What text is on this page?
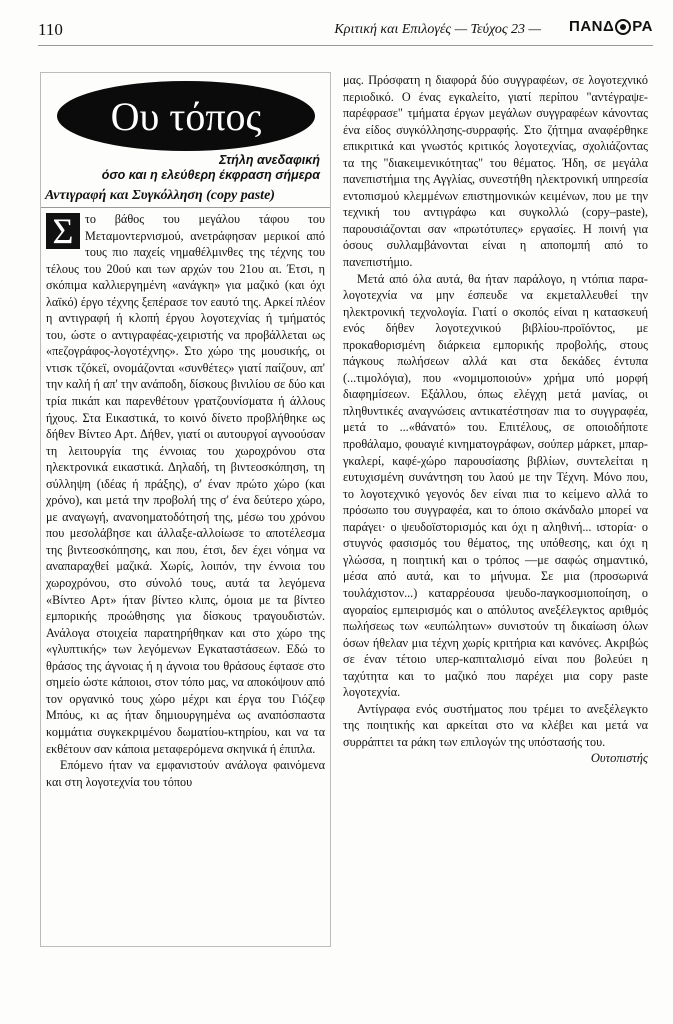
110	Κριτική και Επιλογές — Τεύχος 23 — ΠΑΝΔ ΡΑ
Ου τόπος
Στήλη ανεδαφική
όσο και η ελεύθερη έκφραση σήμερα
Αντιγραφή και Συγκόλληση (copy paste)

Σ το βάθος του μεγάλου τάφου του Μεταμοντερνισμού, ανετράφησαν μερικοί από τους πιο παχείς νημαθέλμινθες της τέχνης του τέλους του 20ού και των αρχών του 21ου αι. Έτσι, η σκόπιμα καλλιεργημένη «ανάγκη» για μαζικό (και όχι λαϊκό) έργο τέχνης ξεπέρασε τον εαυτό της. Αρκεί πλέον η αντιγραφή ή κλοπή έργου λογοτεχνίας ή τμήματός του, ώστε ο αντιγραφέας-χειριστής να προβάλλεται ως «πεζογράφος-λογοτέχνης». Στο χώρο της μουσικής, οι ντισκ τζόκεϊ, ονομάζονται «συνθέτες» γιατί παίζουν, απ' την καλή ή απ' την ανάποδη, δίσκους βινιλίου σε δύο και τρία πικάπ και παρενθέτουν γρατζουνίσματα ή άλλους ήχους. Στα Εικαστικά, το κοινό δίνετο προβλήθηκε ως δήθεν Βίντεο Αρτ. Δήθεν, γιατί οι αυτουργοί αγνοούσαν τη λειτουργία της έννοιας του χωροχρόνου στα ηλεκτρονικά εικαστικά. Δηλαδή, τη βιντεοσκόπηση, τη σύλληψη (ιδέας ή πράξης), σ' έναν πρώτο χώρο (και χρόνο), και μετά την προβολή της σ' ένα δεύτερο χώρο, με αναγωγή, ανανοηματοδότησή της, μέσω του χρόνου που μεσολάβησε και άλλαξε-αλλοίωσε το αποτέλεσμα της βιντεοσκόπησης, και που, έτσι, δεν έχει νόημα να αναπαραχθεί μαζικά. Χωρίς, λοιπόν, την έννοια του χωροχρόνου, στο σύνολό τους, αυτά τα λεγόμενα «Βίντεο Αρτ» ήταν βίντεο κλιπς, όμοια με τα βίντεο εμπορικής προώθησης για δίσκους τραγουδιστών. Ανάλογα στοιχεία παρατηρήθηκαν και στο χώρο της «γλυπτικής» των λεγόμενων Εγκαταστάσεων. Εδώ το θράσος της άγνοιας ή η άγνοια του θράσους έφτασε στο σημείο ώστε κάποιοι, στον τόπο μας, να αποκόψουν από τον οργανικό τους χώρο μέχρι και έργα του Γιόζεφ Μπόυς, κι ας ήταν δημιουργημένα ως αναπόσπαστα κομμάτια συγκεκριμένου δωματίου-κτηρίου, και να τα εκθέτουν σαν κάποια μεταφερόμενα σκηνικά ή έπιπλα.

Επόμενο ήταν να εμφανιστούν ανάλογα φαινόμενα και στη λογοτεχνία του τόπου

μας. Πρόσφατη η διαφορά δύο συγγραφέων, σε λογοτεχνικό περιοδικό. Ο ένας εγκαλείτο, γιατί περίπου "αντέγραψε-παρέφρασε" τμήματα έργων μεγάλων συγγραφέων κάνοντας ένα είδος συγκόλλησης-συρραφής. Στο ζήτημα αναφέρθηκε επικριτικά και γνωστός κριτικός λογοτεχνίας, σχολιάζοντας τα της "διακειμενικότητας" του θέματος. Ήδη, σε μεγάλα πανεπιστήμια της Αγγλίας, συνεστήθη ηλεκτρονική υπηρεσία εντοπισμού κλεμμένων επιστημονικών κειμένων, που με την τεχνική του αντιγράφω και συγκολλώ (copy–paste), παρουσιάζονται σαν «πρωτότυπες» εργασίες. Η ποινή για όσους συλλαμβάνονται είναι η αποπομπή από το πανεπιστήμιο.

Μετά από όλα αυτά, θα ήταν παράλογο, η ντόπια παρα-λογοτεχνία να μην έσπευδε να εκμεταλλευθεί την ηλεκτρονική τεχνολογία. Γιατί ο σκοπός είναι η κατασκευή ενός δήθεν λογοτεχνικού βιβλίου-προϊόντος, με προκαθορισμένη διάρκεια εμπορικής προβολής, στους πάγκους πωλήσεων αλλά και στα δεκάδες έντυπα (...τιμολόγια), που «νομιμοποιούν» χρήμα υπό μορφή διαφημίσεων. Εξάλλου, όπως ελέγχη μετά μανίας, οι πληθυντικές αναγνώσεις αντικατέστησαν πια το συγγραφέα, μετά το ...«θάνατό» του. Επιτέλους, σε οποιοδήποτε προθάλαμο, φουαγιέ κινηματογράφων, σούπερ μάρκετ, μπαρ-γκαλερί, καφέ-χώρο παρουσίασης βιβλίων, συντελείται η ευτυχισμένη συνάντηση του λαού με την Τέχνη. Μόνο που, το λογοτεχνικό γεγονός δεν είναι πια το κείμενο αλλά το πρόσωπο του συγγραφέα, και το όποιο σκάνδαλο μπορεί να παράγει· ο ψευδοϊστορισμός και όχι η αληθινή... ιστορία· ο στυγνός φασισμός του θέματος, της υπόθεσης, και όχι η γλώσσα, η ποιητική και ο τρόπος —με σαφώς σημαντικό, μέσα από αυτά, και το μήνυμα. Σε μια (προσωρινά τουλάχιστον...) καταρρέουσα ψευδο-παγκοσμιοποίηση, ο αγοραίος εμπειρισμός και ο απόλυτος ανεξέλεγκτος αριθμός πωλήσεως των «ευπώλητων» συνιστούν τη δικαίωση όλων όσων ήθελαν μια τέχνη χωρίς κριτήρια και κανόνες. Ακριβώς σε έναν τέτοιο υπερ-καπιταλισμό είναι που βολεύει η ταχύτητα και το μαζικό που παρέχει μια copy paste λογοτεχνία.

Αντίγραφα ενός συστήματος που τρέμει το ανεξέλεγκτο της ποιητικής και αρκείται στο να κλέβει και μετά να συρράπτει τα ράκη των επιλογών της υπόστασής του.

Ουτοπιστής
